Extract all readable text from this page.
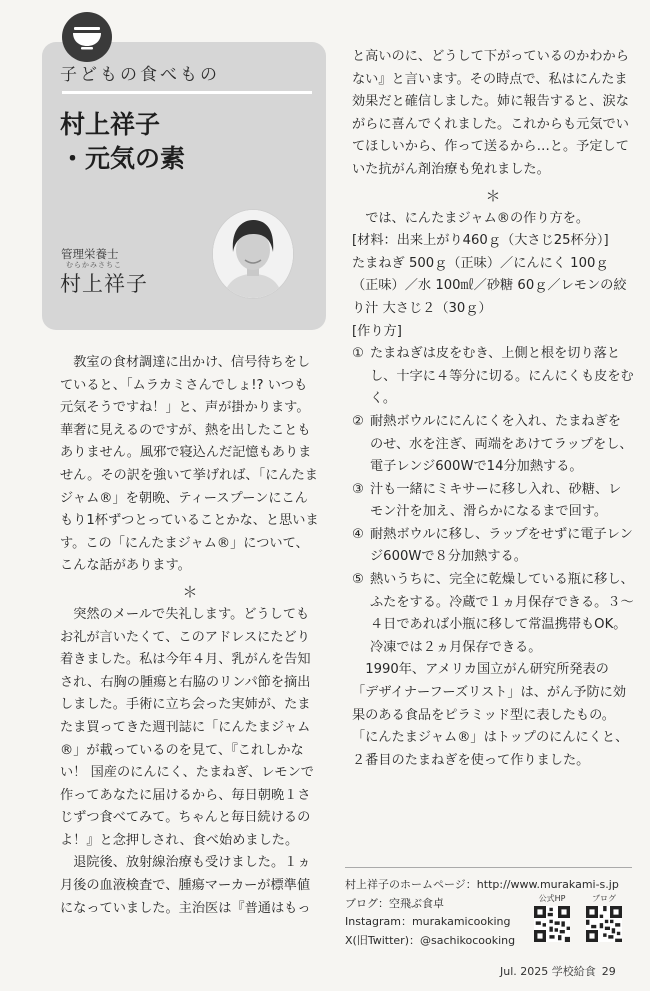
子どもの食べもの
村上祥子
・元気の素
管理栄養士
むらかみさちこ
村上祥子

教室の食材調達に出かけ、信号待ちをしていると、「ムラカミさんでしょ!? いつも元気そうですね！」と、声が掛かります。華奢に見えるのですが、熱を出したこともありません。風邪で寝込んだ記憶もありません。その訳を強いて挙げれば、「にんたまジャム®」を朝晩、ティースプーンにこんもり1杯ずつとっていることかな、と思います。この「にんたまジャム®」について、こんな話があります。

＊

突然のメールで失礼します。どうしてもお礼が言いたくて、このアドレスにたどり着きました。私は今年４月、乳がんを告知され、右胸の腫瘍と右脇のリンパ節を摘出しました。手術に立ち会った実姉が、たまたま買ってきた週刊誌に「にんたまジャム®」が載っているのを見て、『これしかない！ 国産のにんにく、たまねぎ、レモンで作ってあなたに届けるから、毎日朝晩１さじずつ食べてみて。ちゃんと毎日続けるのよ！』と念押しされ、食べ始めました。

退院後、放射線治療も受けました。１ヵ月後の血液検査で、腫瘍マーカーが標準値になっていました。主治医は『普通はもっ

と高いのに、どうして下がっているのかわからない』と言います。その時点で、私はにんたま効果だと確信しました。姉に報告すると、涙ながらに喜んでくれました。これからも元気でいてほしいから、作って送るから…と。予定していた抗がん剤治療も免れました。

＊

では、にんたまジャム®の作り方を。

[材料：出来上がり460ｇ（大さじ25杯分）]
たまねぎ 500ｇ（正味）／にんにく 100ｇ（正味）／水 100㎖／砂糖 60ｇ／レモンの絞り汁 大さじ２（30ｇ）
[作り方]
① たまねぎは皮をむき、上側と根を切り落とし、十字に４等分に切る。にんにくも皮をむく。
② 耐熱ボウルににんにくを入れ、たまねぎをのせ、水を注ぎ、両端をあけてラップをし、電子レンジ600Wで14分加熱する。
③ 汁も一緒にミキサーに移し入れ、砂糖、レモン汁を加え、滑らかになるまで回す。
④ 耐熱ボウルに移し、ラップをせずに電子レンジ600Wで８分加熱する。
⑤ 熱いうちに、完全に乾燥している瓶に移し、ふたをする。冷蔵で１ヵ月保存できる。３～４日であれば小瓶に移して常温携帯もOK。冷凍では２ヵ月保存できる。

1990年、アメリカ国立がん研究所発表の「デザイナーフーズリスト」は、がん予防に効果のある食品をピラミッド型に表したもの。「にんたまジャム®」はトップのにんにくと、２番目のたまねぎを使って作りました。

村上祥子のホームページ：http://www.murakami-s.jp
ブログ：空飛ぶ食卓
Instagram：murakamicooking
X(旧Twitter)：@sachikocooking
公式HP	ブログ
Jul. 2025 学校給食 29
